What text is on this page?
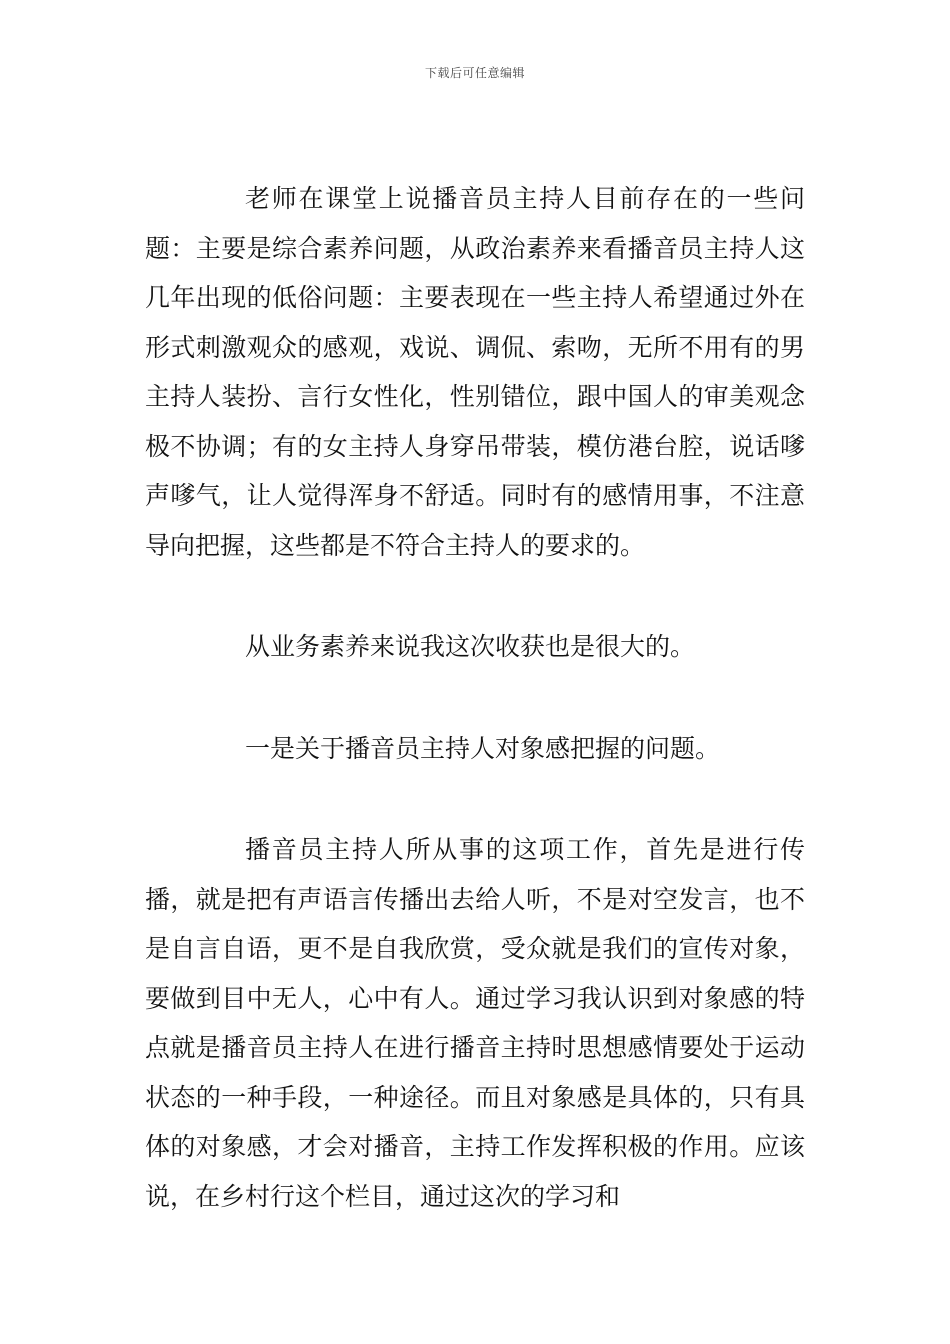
下载后可任意编辑

老师在课堂上说播音员主持人目前存在的一些问题：主要是综合素养问题，从政治素养来看播音员主持人这几年出现的低俗问题：主要表现在一些主持人希望通过外在形式刺激观众的感观，戏说、调侃、索吻，无所不用有的男主持人装扮、言行女性化，性别错位，跟中国人的审美观念极不协调；有的女主持人身穿吊带装，模仿港台腔，说话嗲声嗲气，让人觉得浑身不舒适。同时有的感情用事，不注意导向把握，这些都是不符合主持人的要求的。

从业务素养来说我这次收获也是很大的。

一是关于播音员主持人对象感把握的问题。

播音员主持人所从事的这项工作，首先是进行传播，就是把有声语言传播出去给人听，不是对空发言，也不是自言自语，更不是自我欣赏，受众就是我们的宣传对象，要做到目中无人，心中有人。通过学习我认识到对象感的特点就是播音员主持人在进行播音主持时思想感情要处于运动状态的一种手段，一种途径。而且对象感是具体的，只有具体的对象感，才会对播音，主持工作发挥积极的作用。应该说，在乡村行这个栏目，通过这次的学习和
